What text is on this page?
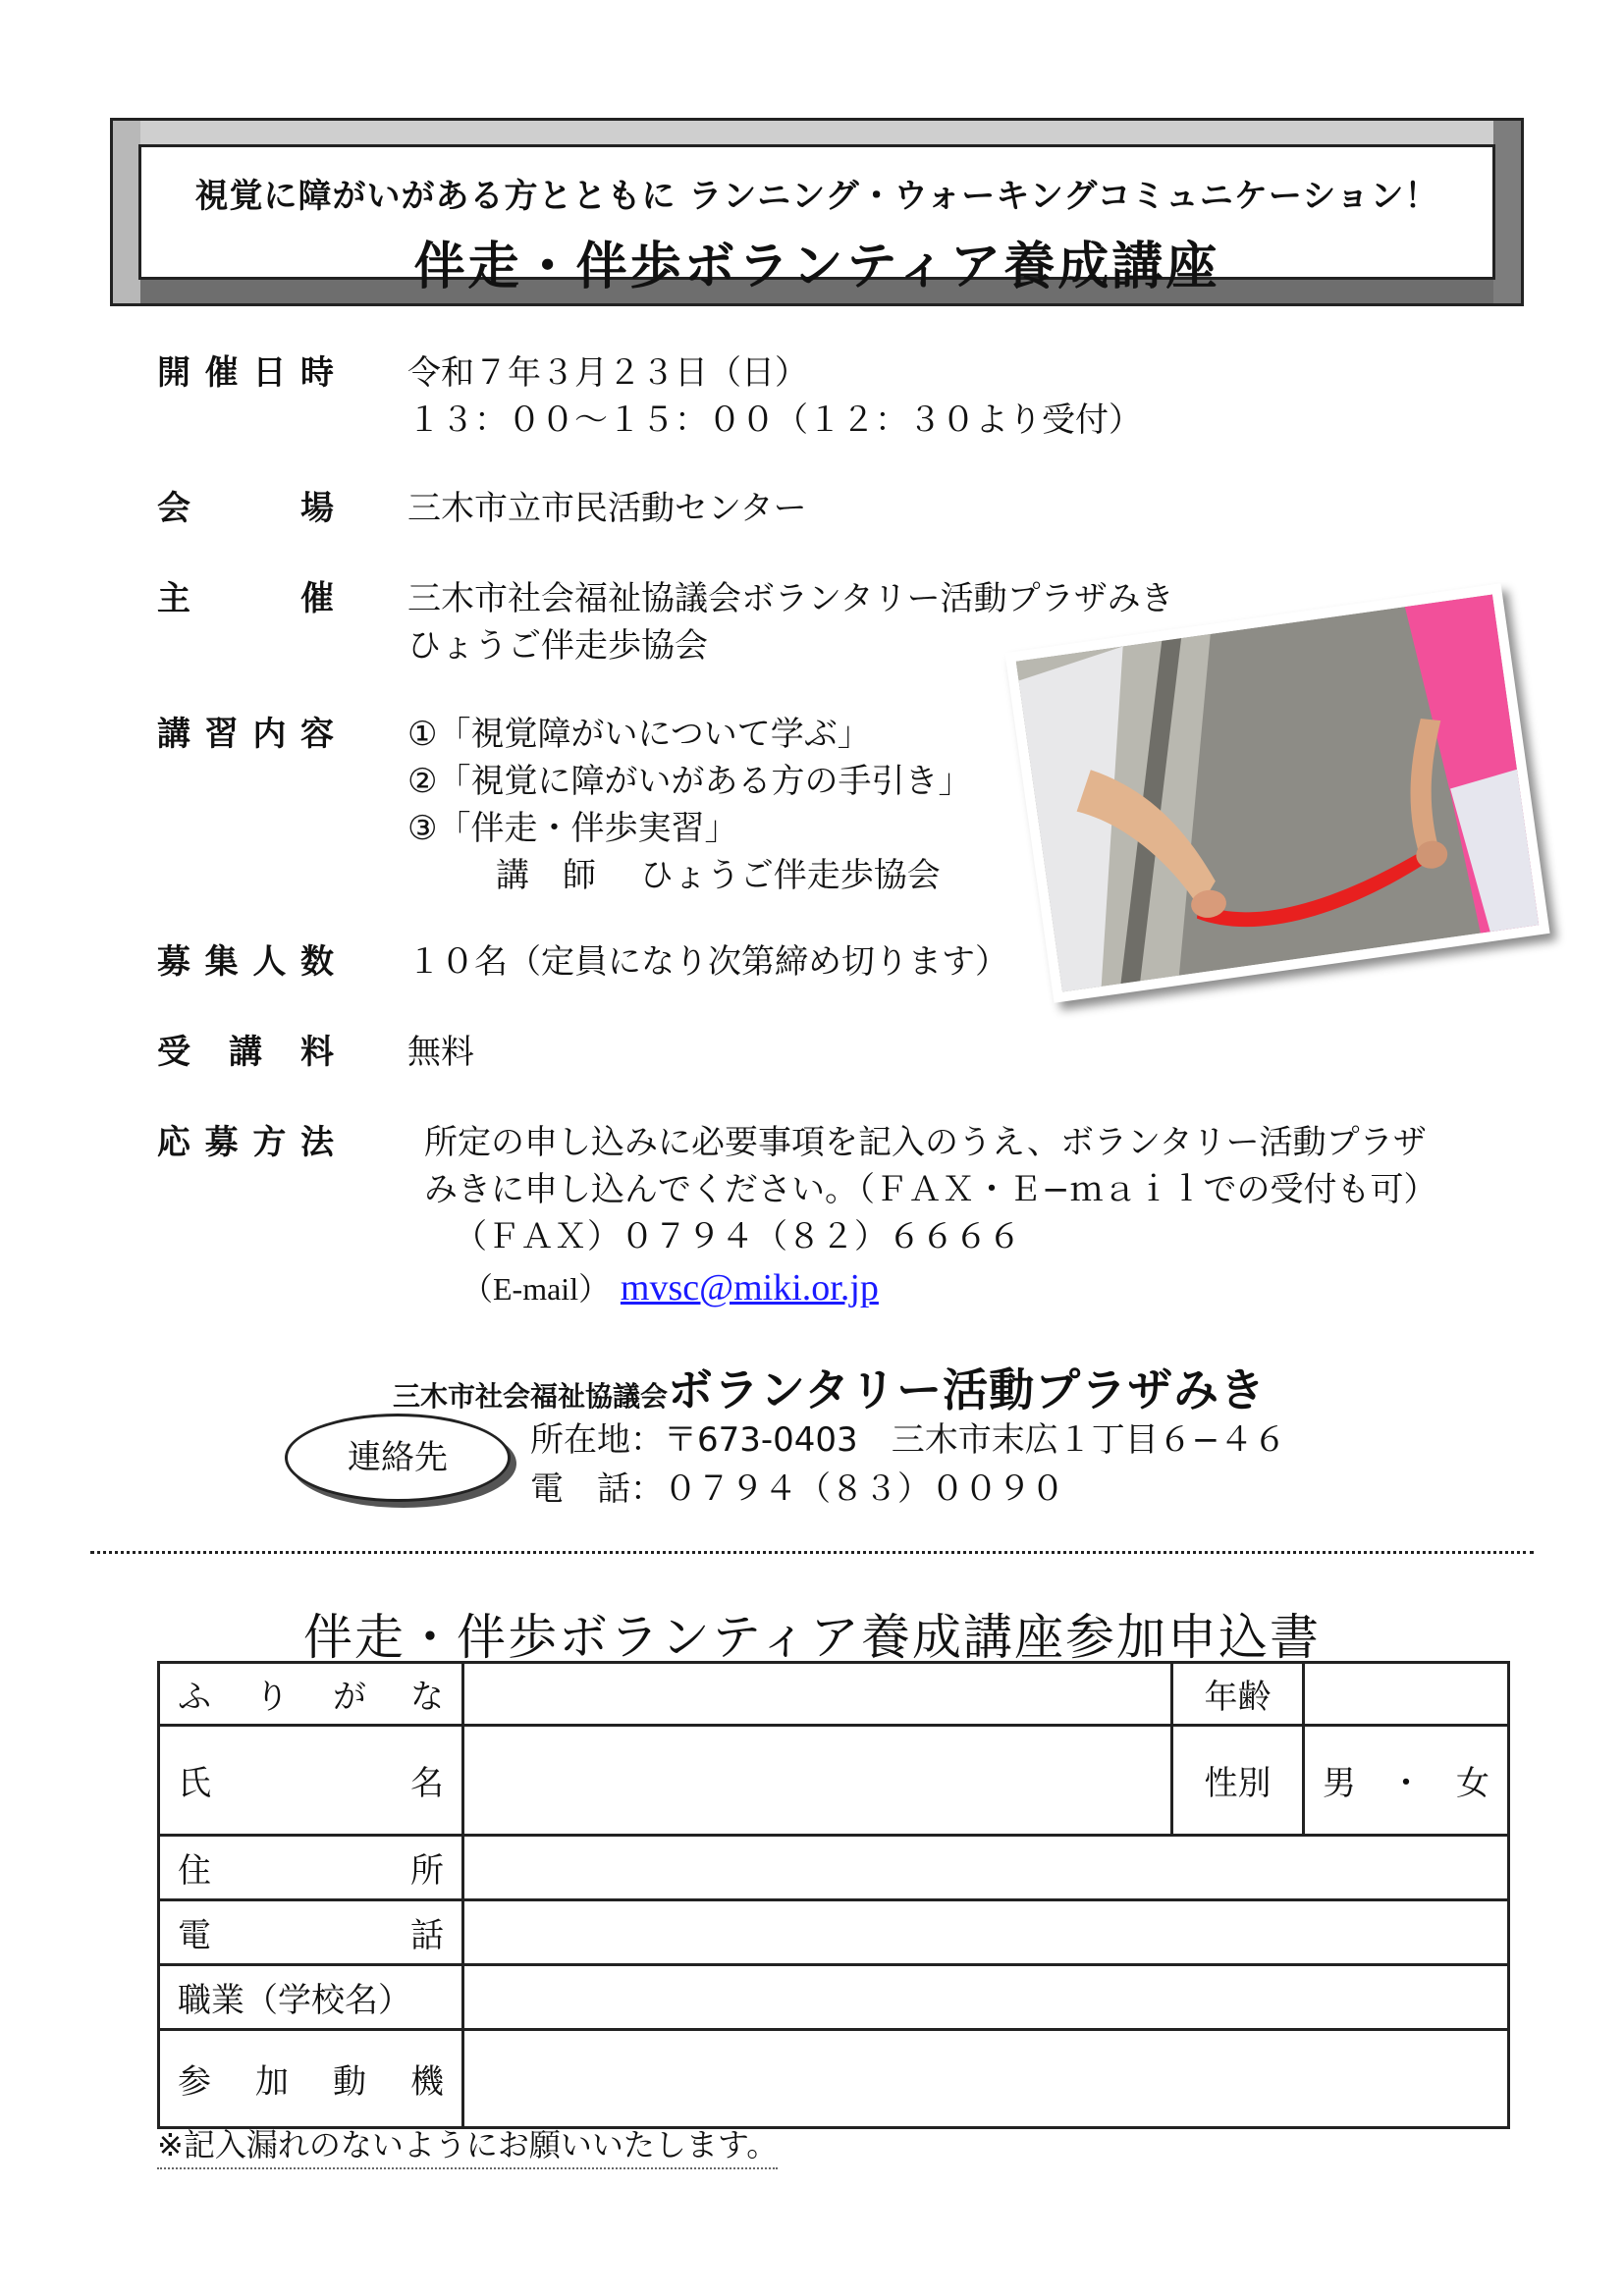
視覚に障がいがある方とともに ランニング・ウォーキングコミュニケーション！
伴走・伴歩ボランティア養成講座
開催日時 令和７年３月２３日（日）
１３：００〜１５：００（１２：３０より受付）
会　場 三木市立市民活動センター
主　催 三木市社会福祉協議会ボランタリー活動プラザみき
ひょうご伴走歩協会
講習内容 ①「視覚障がいについて学ぶ」
②「視覚に障がいがある方の手引き」
③「伴走・伴歩実習」
講　師　 ひょうご伴走歩協会
募集人数 １０名（定員になり次第締め切ります）
受講料 無料
応募方法	所定の申し込みに必要事項を記入のうえ、ボランタリー活動プラザ
みきに申し込んでください。（ＦＡＸ・Ｅ−ｍａｉｌでの受付も可）
（ＦＡＸ）０７９４（８２）６６６６
（E-mail） mvsc@miki.or.jp
三木市社会福祉協議会ボランタリー活動プラザみき
連絡先	所在地：〒673-0403　三木市末広１丁目６−４６
電　話：０７９４（８３）００９０
伴走・伴歩ボランティア養成講座参加申込書
ふ　り　が　な		年齢	

氏　　　　名		性別	男　・　女

住　　　　所			

電　　　　話			

職業（学校名）			

参　加　動　機			

※記入漏れのないようにお願いいたします。
